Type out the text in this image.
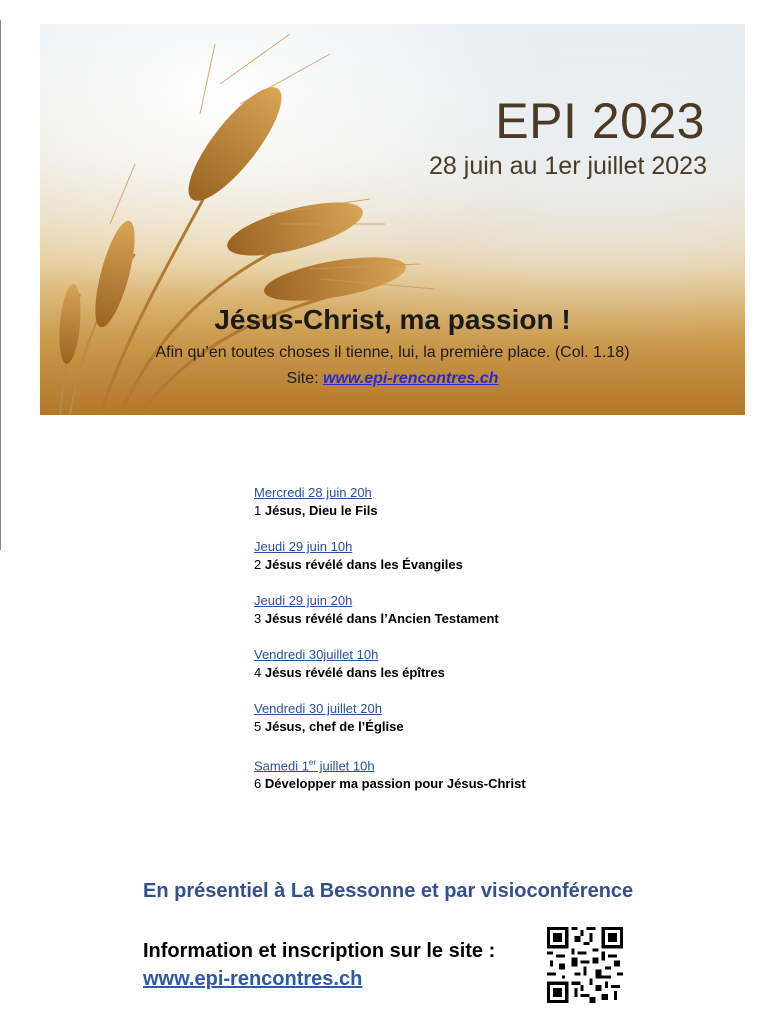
EPI 2023
28 juin au 1er juillet 2023
Jésus-Christ, ma passion !
Afin qu’en toutes choses il tienne, lui, la première place. (Col. 1.18)
Site: www.epi-rencontres.ch
Mercredi 28 juin 20h
1 Jésus, Dieu le Fils
Jeudi 29 juin 10h
2 Jésus révélé dans les Évangiles
Jeudi 29 juin 20h
3 Jésus révélé dans l’Ancien Testament
Vendredi 30juillet 10h
4 Jésus révélé dans les épîtres
Vendredi 30 juillet 20h
5 Jésus, chef de l’Église
Samedi 1er juillet 10h
6 Développer ma passion pour Jésus-Christ
En présentiel à La Bessonne et par visioconférence
Information et inscription sur le site :
www.epi-rencontres.ch
